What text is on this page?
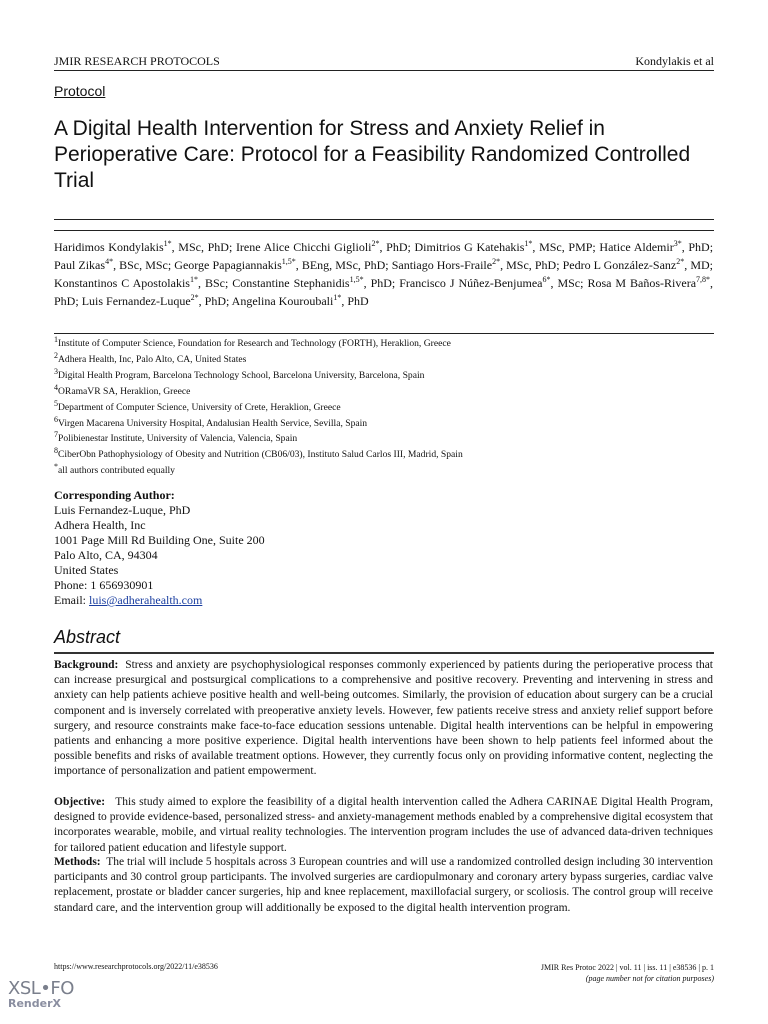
JMIR RESEARCH PROTOCOLS	Kondylakis et al
Protocol
A Digital Health Intervention for Stress and Anxiety Relief in Perioperative Care: Protocol for a Feasibility Randomized Controlled Trial
Haridimos Kondylakis$^{1*}$, MSc, PhD; Irene Alice Chicchi Giglioli$^{2*}$, PhD; Dimitrios G Katehakis$^{1*}$, MSc, PMP; Hatice Aldemir$^{3*}$, PhD; Paul Zikas$^{4*}$, BSc, MSc; George Papagiannakis$^{1,5*}$, BEng, MSc, PhD; Santiago Hors-Fraile$^{2*}$, MSc, PhD; Pedro L González-Sanz$^{2*}$, MD; Konstantinos C Apostolakis$^{1*}$, BSc; Constantine Stephanidis$^{1,5*}$, PhD; Francisco J Núñez-Benjumea$^{6*}$, MSc; Rosa M Baños-Rivera$^{7,8*}$, PhD; Luis Fernandez-Luque$^{2*}$, PhD; Angelina Kouroubali$^{1*}$, PhD
$^1$Institute of Computer Science, Foundation for Research and Technology (FORTH), Heraklion, Greece
$^2$Adhera Health, Inc, Palo Alto, CA, United States
$^3$Digital Health Program, Barcelona Technology School, Barcelona University, Barcelona, Spain
$^4$ORamaVR SA, Heraklion, Greece
$^5$Department of Computer Science, University of Crete, Heraklion, Greece
$^6$Virgen Macarena University Hospital, Andalusian Health Service, Sevilla, Spain
$^7$Polibienestar Institute, University of Valencia, Valencia, Spain
$^8$CiberObn Pathophysiology of Obesity and Nutrition (CB06/03), Instituto Salud Carlos III, Madrid, Spain
*all authors contributed equally
Corresponding Author:
Luis Fernandez-Luque, PhD
Adhera Health, Inc
1001 Page Mill Rd Building One, Suite 200
Palo Alto, CA, 94304
United States
Phone: 1 656930901
Email: luis@adherahealth.com
Abstract
Background: Stress and anxiety are psychophysiological responses commonly experienced by patients during the perioperative process that can increase presurgical and postsurgical complications to a comprehensive and positive recovery. Preventing and intervening in stress and anxiety can help patients achieve positive health and well-being outcomes. Similarly, the provision of education about surgery can be a crucial component and is inversely correlated with preoperative anxiety levels. However, few patients receive stress and anxiety relief support before surgery, and resource constraints make face-to-face education sessions untenable. Digital health interventions can be helpful in empowering patients and enhancing a more positive experience. Digital health interventions have been shown to help patients feel informed about the possible benefits and risks of available treatment options. However, they currently focus only on providing informative content, neglecting the importance of personalization and patient empowerment.
Objective: This study aimed to explore the feasibility of a digital health intervention called the Adhera CARINAE Digital Health Program, designed to provide evidence-based, personalized stress- and anxiety-management methods enabled by a comprehensive digital ecosystem that incorporates wearable, mobile, and virtual reality technologies. The intervention program includes the use of advanced data-driven techniques for tailored patient education and lifestyle support.
Methods: The trial will include 5 hospitals across 3 European countries and will use a randomized controlled design including 30 intervention participants and 30 control group participants. The involved surgeries are cardiopulmonary and coronary artery bypass surgeries, cardiac valve replacement, prostate or bladder cancer surgeries, hip and knee replacement, maxillofacial surgery, or scoliosis. The control group will receive standard care, and the intervention group will additionally be exposed to the digital health intervention program.
https://www.researchprotocols.org/2022/11/e38536	JMIR Res Protoc 2022 | vol. 11 | iss. 11 | e38536 | p. 1
(page number not for citation purposes)
XSL•FO
RenderX
